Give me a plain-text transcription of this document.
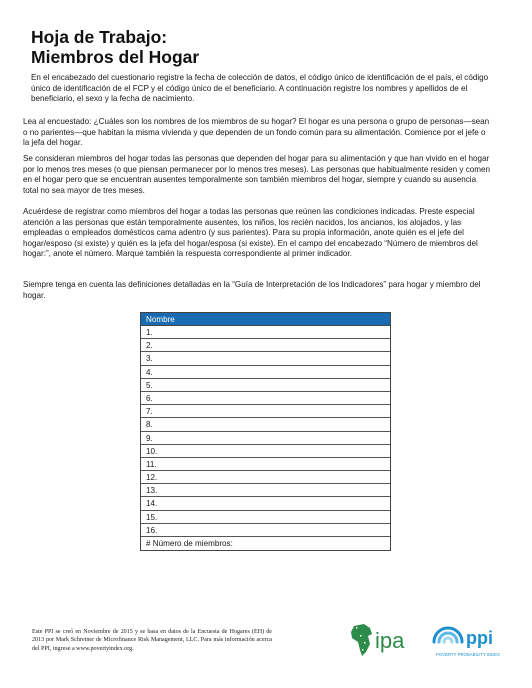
Hoja de Trabajo:
Miembros del Hogar
En el encabezado del cuestionario registre la fecha de colección de datos, el código único de identificación de el país, el código único de identificación de el FCP y el código único de el beneficiario. A continuación registre los nombres y apellidos de el beneficiario, el sexo y la fecha de nacimiento.
Lea al encuestado: ¿Cuáles son los nombres de los miembros de su hogar? El hogar es una persona o grupo de personas—sean o no parientes—que habitan la misma vivienda y que dependen de un fondo común para su alimentación. Comience por el jefe o la jefa del hogar.
Se consideran miembros del hogar todas las personas que dependen del hogar para su alimentación y que han vivido en el hogar por lo menos tres meses (o que piensan permanecer por lo menos tres meses). Las personas que habitualmente residen y comen en el hogar pero que se encuentran ausentes temporalmente son también miembros del hogar, siempre y cuando su ausencia total no sea mayor de tres meses.
Acuérdese de registrar como miembros del hogar a todas las personas que reúnen las condiciones indicadas. Preste especial atención a las personas que están temporalmente ausentes, los niños, los recién nacidos, los ancianos, los alojados, y las empleadas o empleados domésticos cama adentro (y sus parientes). Para su propia información, anote quién es el jefe del hogar/esposo (si existe) y quién es la jefa del hogar/esposa (si existe). En el campo del encabezado “Número de miembros del hogar:”, anote el número. Marque también la respuesta correspondiente al primer indicador.
Siempre tenga en cuenta las definiciones detalladas en la “Guía de Interpretación de los Indicadores” para hogar y miembro del hogar.
Nombre
1.
2.
3.
4.
5.
6.
7.
8.
9.
10.
11.
12.
13.
14.
15.
16.
# Número de miembros:
Este PPI se creó en Noviembre de 2015 y se basa en datos de la Encuesta de Hogares (EH) de 2013 por Mark Schreiner de Microfinance Risk Management, LLC. Para más información acerca del PPI, ingrese a www.povertyindex.org.	ipa	ppi
POVERTY PROBABILITY INDEX
